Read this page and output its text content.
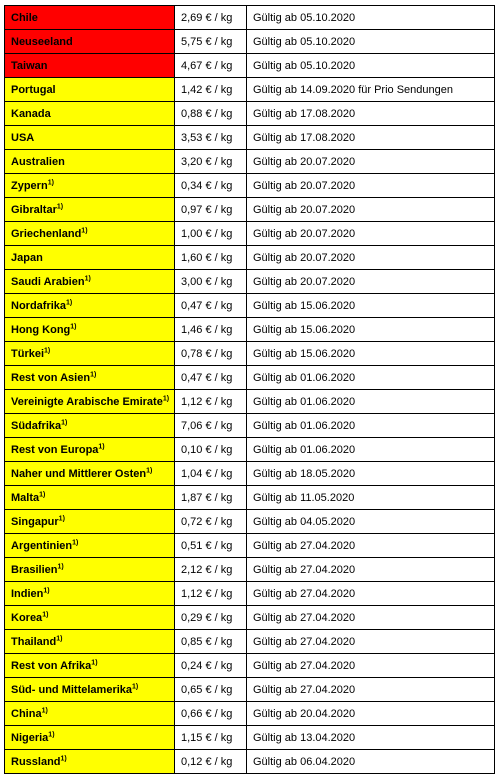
Chile	2,69 € / kg	Gültig ab 05.10.2020
Neuseeland	5,75 € / kg	Gültig ab 05.10.2020
Taiwan	4,67 € / kg	Gültig ab 05.10.2020
Portugal	1,42 € / kg	Gültig ab 14.09.2020 für Prio Sendungen
Kanada	0,88 € / kg	Gültig ab 17.08.2020
USA	3,53 € / kg	Gültig ab 17.08.2020
Australien	3,20 € / kg	Gültig ab 20.07.2020
Zypern$^{1)}$	0,34 € / kg	Gültig ab 20.07.2020
Gibraltar$^{1)}$	0,97 € / kg	Gültig ab 20.07.2020
Griechenland$^{1)}$	1,00 € / kg	Gültig ab 20.07.2020
Japan	1,60 € / kg	Gültig ab 20.07.2020
Saudi Arabien$^{1)}$	3,00 € / kg	Gültig ab 20.07.2020
Nordafrika$^{1)}$	0,47 € / kg	Gültig ab 15.06.2020
Hong Kong$^{1)}$	1,46 € / kg	Gültig ab 15.06.2020
Türkei$^{1)}$	0,78 € / kg	Gültig ab 15.06.2020
Rest von Asien$^{1)}$	0,47 € / kg	Gültig ab 01.06.2020
Vereinigte Arabische Emirate$^{1)}$	1,12 € / kg	Gültig ab 01.06.2020
Südafrika$^{1)}$	7,06 € / kg	Gültig ab 01.06.2020
Rest von Europa$^{1)}$	0,10 € / kg	Gültig ab 01.06.2020
Naher und Mittlerer Osten$^{1)}$	1,04 € / kg	Gültig ab 18.05.2020
Malta$^{1)}$	1,87 € / kg	Gültig ab 11.05.2020
Singapur$^{1)}$	0,72 € / kg	Gültig ab 04.05.2020
Argentinien$^{1)}$	0,51 € / kg	Gültig ab 27.04.2020
Brasilien$^{1)}$	2,12 € / kg	Gültig ab 27.04.2020
Indien$^{1)}$	1,12 € / kg	Gültig ab 27.04.2020
Korea$^{1)}$	0,29 € / kg	Gültig ab 27.04.2020
Thailand$^{1)}$	0,85 € / kg	Gültig ab 27.04.2020
Rest von Afrika$^{1)}$	0,24 € / kg	Gültig ab 27.04.2020
Süd- und Mittelamerika$^{1)}$	0,65 € / kg	Gültig ab 27.04.2020
China$^{1)}$	0,66 € / kg	Gültig ab 20.04.2020
Nigeria$^{1)}$	1,15 € / kg	Gültig ab 13.04.2020
Russland$^{1)}$	0,12 € / kg	Gültig ab 06.04.2020
